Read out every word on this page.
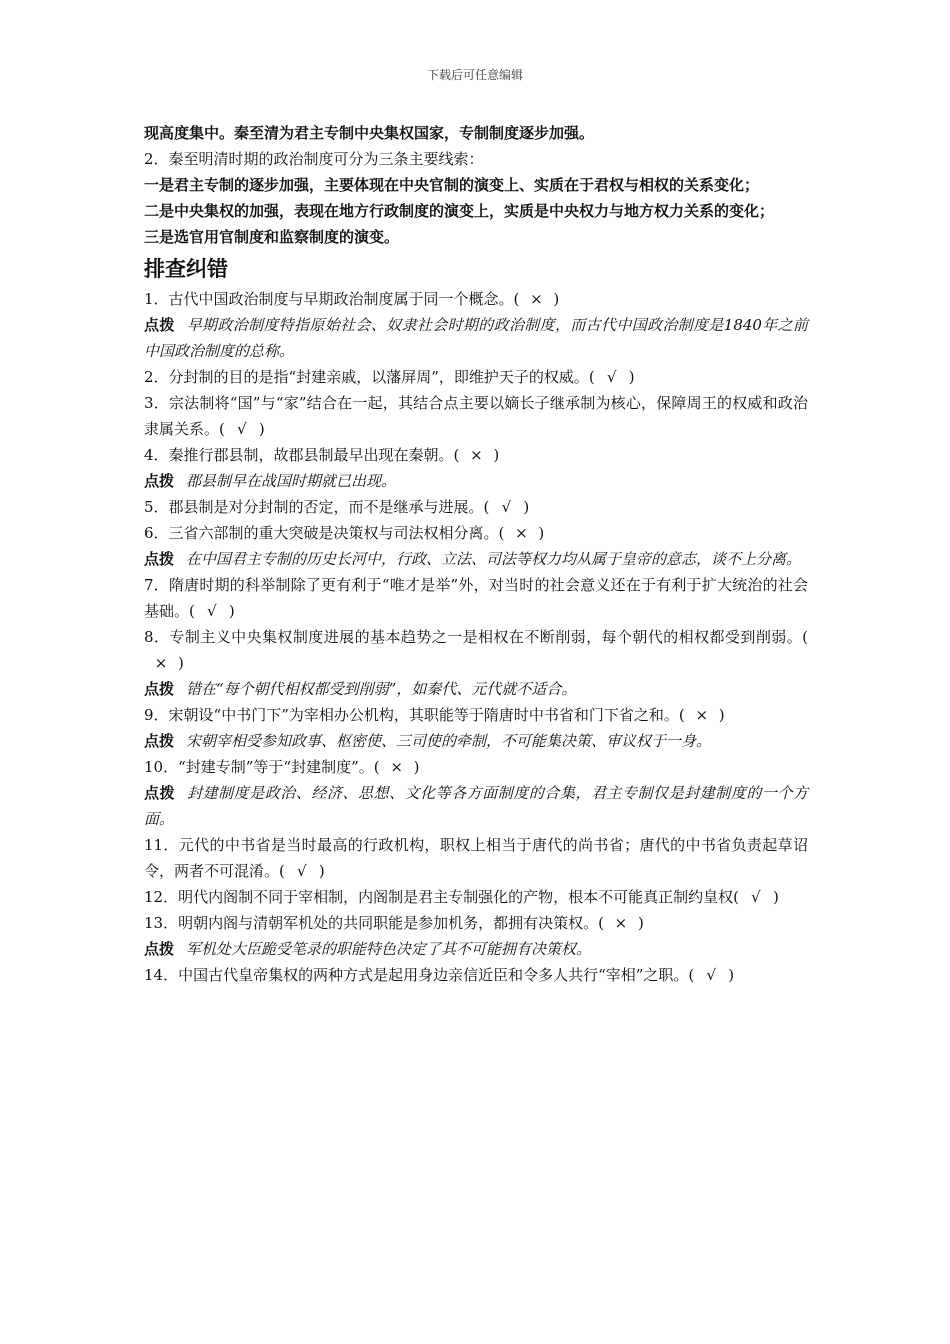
下载后可任意编辑

现高度集中。秦至清为君主专制中央集权国家，专制制度逐步加强。

2．秦至明清时期的政治制度可分为三条主要线索：

一是君主专制的逐步加强，主要体现在中央官制的演变上、实质在于君权与相权的关系变化；

二是中央集权的加强，表现在地方行政制度的演变上，实质是中央权力与地方权力关系的变化；

三是选官用官制度和监察制度的演变。

排查纠错

1．古代中国政治制度与早期政治制度属于同一个概念。( × )

点拨 早期政治制度特指原始社会、奴隶社会时期的政治制度，而古代中国政治制度是1840年之前中国政治制度的总称。

2．分封制的目的是指“封建亲戚，以藩屏周”，即维护天子的权威。( √ )

3．宗法制将“国”与“家”结合在一起，其结合点主要以嫡长子继承制为核心，保障周王的权威和政治隶属关系。( √ )

4．秦推行郡县制，故郡县制最早出现在秦朝。( × )

点拨 郡县制早在战国时期就已出现。

5．郡县制是对分封制的否定，而不是继承与进展。( √ )

6．三省六部制的重大突破是决策权与司法权相分离。( × )

点拨 在中国君主专制的历史长河中，行政、立法、司法等权力均从属于皇帝的意志，谈不上分离。

7．隋唐时期的科举制除了更有利于“唯才是举”外，对当时的社会意义还在于有利于扩大统治的社会基础。( √ )

8．专制主义中央集权制度进展的基本趋势之一是相权在不断削弱，每个朝代的相权都受到削弱。(× )

点拨 错在“每个朝代相权都受到削弱”，如秦代、元代就不适合。

9．宋朝设“中书门下”为宰相办公机构，其职能等于隋唐时中书省和门下省之和。( × )

点拨 宋朝宰相受参知政事、枢密使、三司使的牵制，不可能集决策、审议权于一身。

10．“封建专制”等于“封建制度”。( × )

点拨 封建制度是政治、经济、思想、文化等各方面制度的合集，君主专制仅是封建制度的一个方面。

11．元代的中书省是当时最高的行政机构，职权上相当于唐代的尚书省；唐代的中书省负责起草诏令，两者不可混淆。( √ )

12．明代内阁制不同于宰相制，内阁制是君主专制强化的产物，根本不可能真正制约皇权( √ )

13．明朝内阁与清朝军机处的共同职能是参加机务，都拥有决策权。( × )

点拨 军机处大臣跪受笔录的职能特色决定了其不可能拥有决策权。

14．中国古代皇帝集权的两种方式是起用身边亲信近臣和令多人共行“宰相”之职。( √ )
